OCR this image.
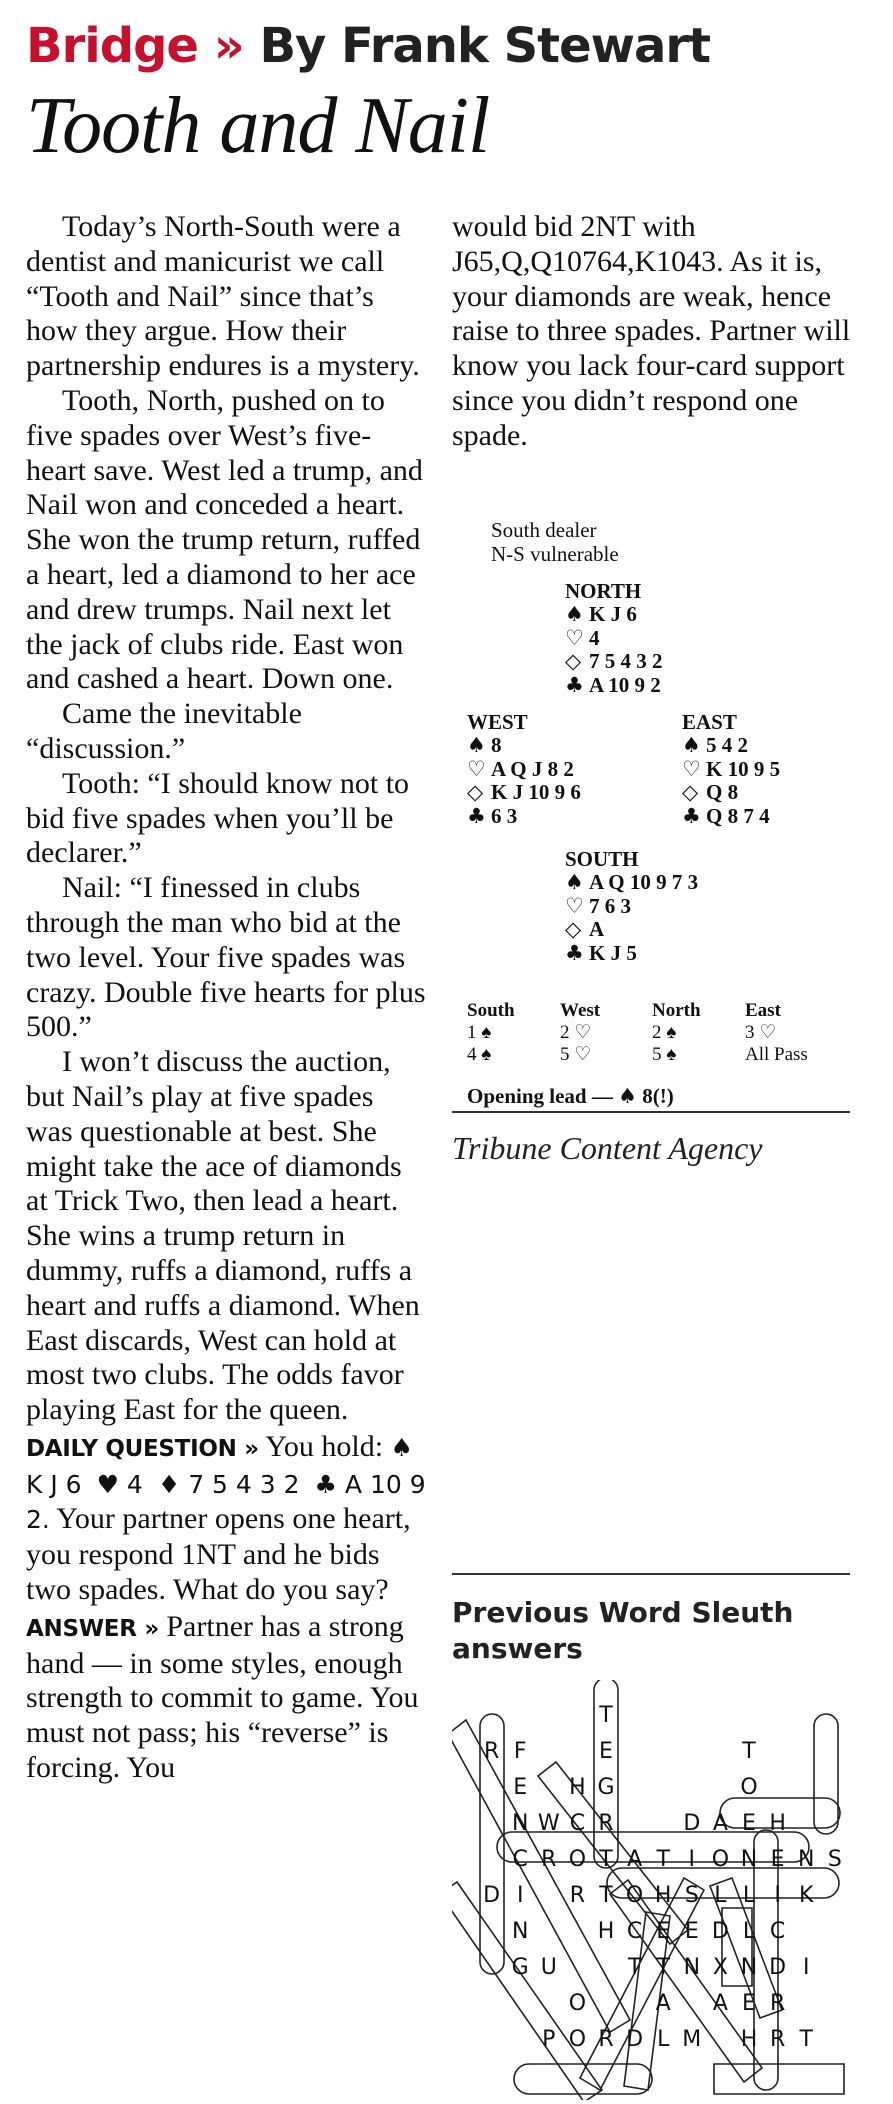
Bridge » By Frank Stewart
Tooth and Nail

Today’s North-South were a dentist and manicurist we call “Tooth and Nail” since that’s how they argue. How their partnership endures is a mystery.

Tooth, North, pushed on to five spades over West’s five-heart save. West led a trump, and Nail won and conceded a heart. She won the trump return, ruffed a heart, led a diamond to her ace and drew trumps. Nail next let the jack of clubs ride. East won and cashed a heart. Down one.

Came the inevitable “discussion.”

Tooth: “I should know not to bid five spades when you’ll be declarer.”

Nail: “I finessed in clubs through the man who bid at the two level. Your five spades was crazy. Double five hearts for plus 500.”

I won’t discuss the auction, but Nail’s play at five spades was questionable at best. She might take the ace of diamonds at Trick Two, then lead a heart. She wins a trump return in dummy, ruffs a diamond, ruffs a heart and ruffs a diamond. When East discards, West can hold at most two clubs. The odds favor playing East for the queen.

DAILY QUESTION » You hold: ♠ K J 6 ♥ 4 ♦ 7 5 4 3 2 ♣ A 10 9 2. Your partner opens one heart, you respond 1NT and he bids two spades. What do you say?

ANSWER » Partner has a strong hand — in some styles, enough strength to commit to game. You must not pass; his “reverse” is forcing. You

would bid 2NT with J65,Q,Q10764,K1043. As it is, your diamonds are weak, hence raise to three spades. Partner will know you lack four-card support since you didn’t respond one spade.

South dealer
N-S vulnerable
NORTH
♠ K J 6
♡ 4
◇ 7 5 4 3 2
♣ A 10 9 2
WEST
♠ 8
♡ A Q J 8 2
◇ K J 10 9 6
♣ 6 3
EAST
♠ 5 4 2
♡ K 10 9 5
◇ Q 8
♣ Q 8 7 4
SOUTH
♠ A Q 10 9 7 3
♡ 7 6 3
◇ A
♣ K J 5
South West	North East
1 ♠	2 ♡	2 ♠	3 ♡
4 ♠	5 ♡	5 ♠	All Pass
Opening lead — ♠ 8(!)
Tribune Content Agency
Previous Word Sleuth answers
T
R F	E	T
E H G	O
N W C R	D A E H
C R O T A T I O N E N S
D I R T O H S L L I K
N	H C E E D L C
G U	T T N X N D I
O	A A E R
P O R D L M H R T
